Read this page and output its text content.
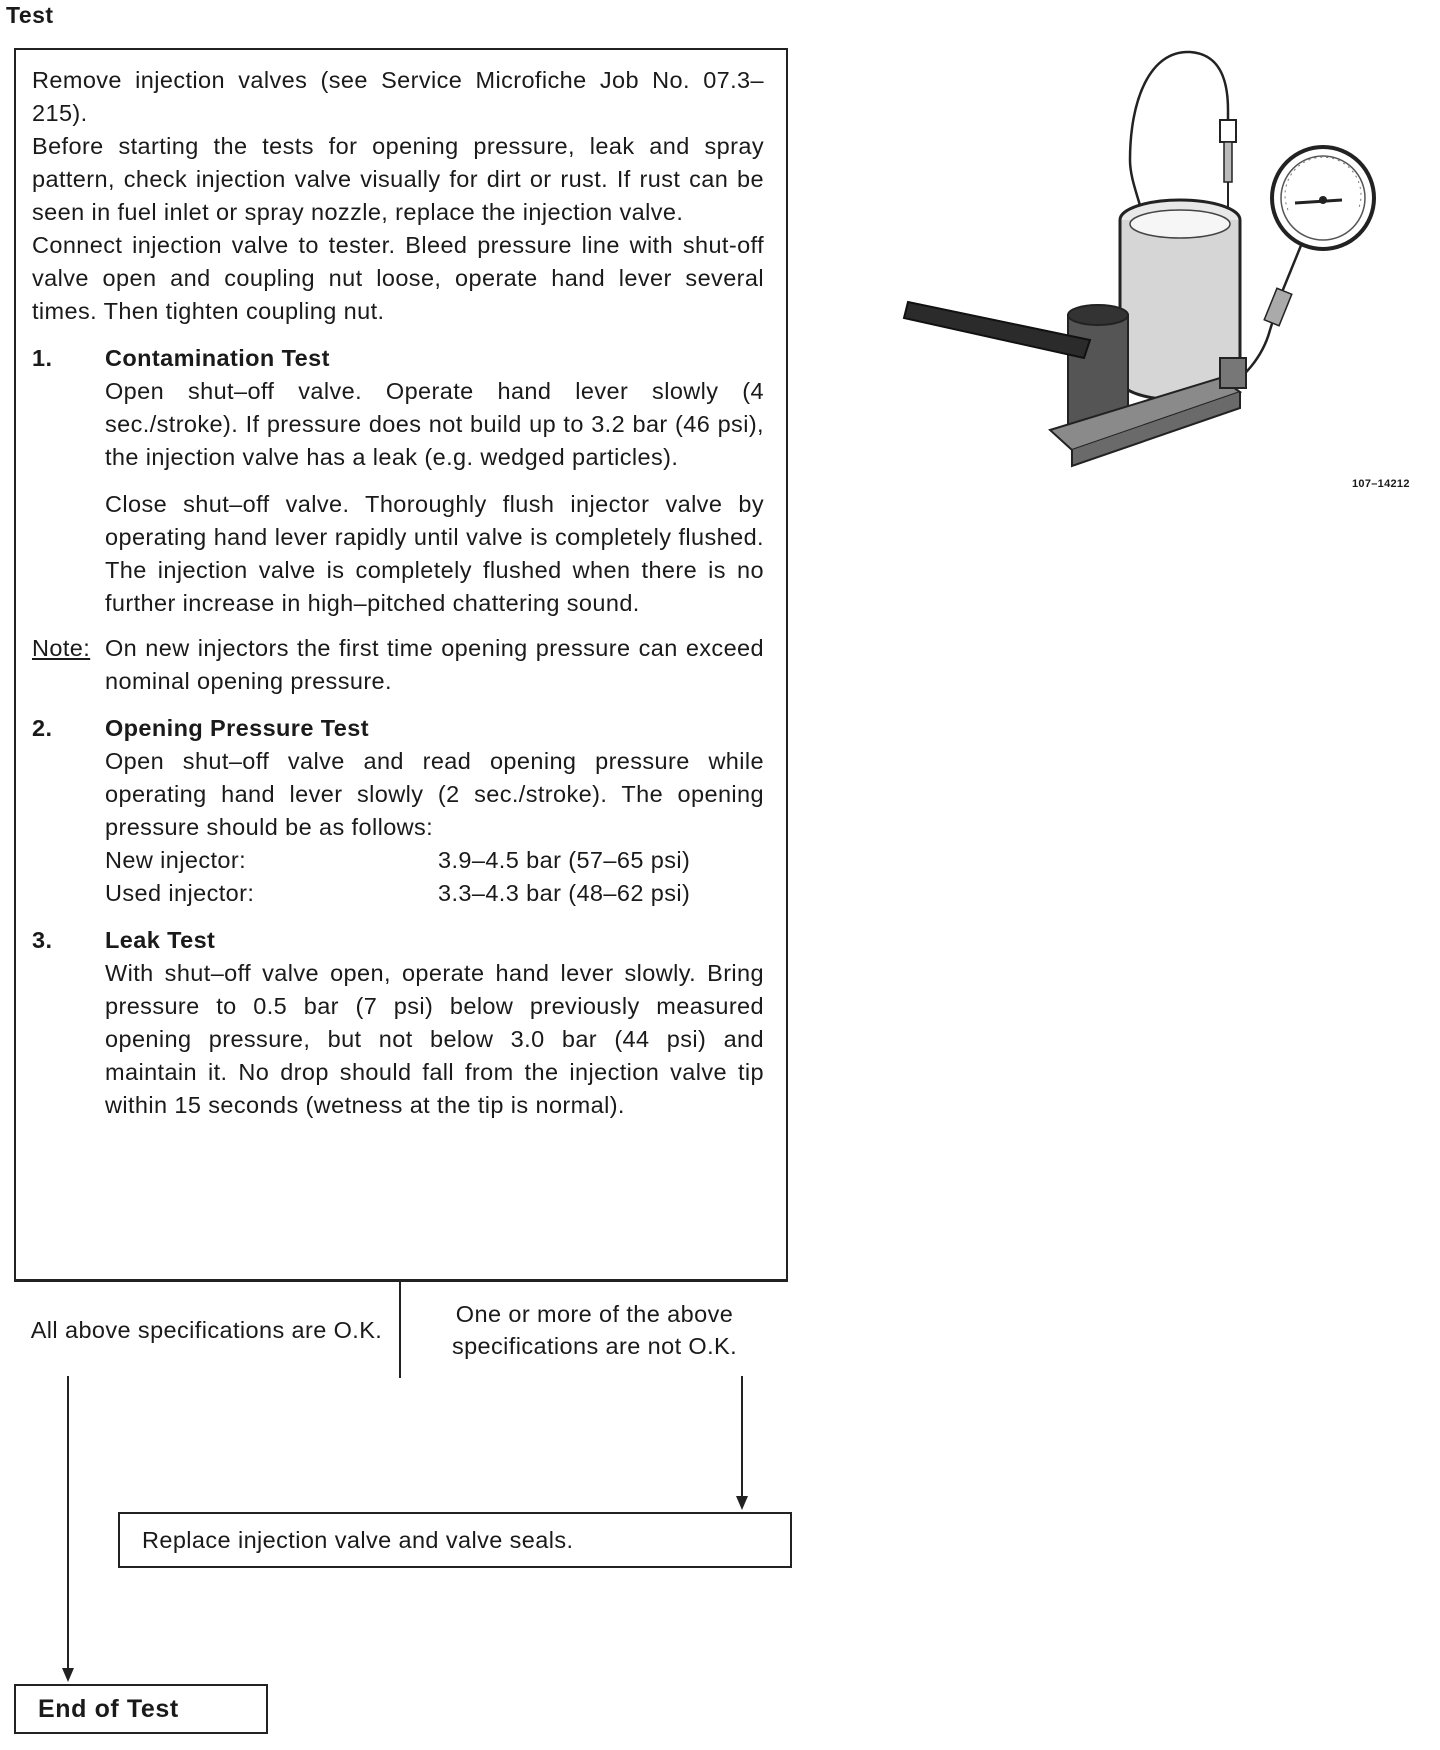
Test

Remove injection valves (see Service Microfiche Job No. 07.3–215).

Before starting the tests for opening pressure, leak and spray pattern, check injection valve visually for dirt or rust. If rust can be seen in fuel inlet or spray nozzle, replace the injection valve.

Connect injection valve to tester. Bleed pressure line with shut-off valve open and coupling nut loose, operate hand lever several times. Then tighten coupling nut.

1.	Contamination Test

Open shut–off valve. Operate hand lever slowly (4 sec./stroke). If pressure does not build up to 3.2 bar (46 psi), the injection valve has a leak (e.g. wedged particles).

Close shut–off valve. Thoroughly flush injector valve by operating hand lever rapidly until valve is completely flushed. The injection valve is completely flushed when there is no further increase in high–pitched chattering sound.

Note: On new injectors the first time opening pressure can exceed nominal opening pressure.
2.	Opening Pressure Test

Open shut–off valve and read opening pressure while operating hand lever slowly (2 sec./stroke). The opening pressure should be as follows:

New injector:	3.9–4.5 bar (57–65 psi)
Used injector:	3.3–4.3 bar (48–62 psi)
3.	Leak Test

With shut–off valve open, operate hand lever slowly. Bring pressure to 0.5 bar (7 psi) below previously measured opening pressure, but not below 3.0 bar (44 psi) and maintain it. No drop should fall from the injection valve tip within 15 seconds (wetness at the tip is normal).

All above specifications are O.K.
One or more of the above specifications are not O.K.
Replace injection valve and valve seals.
End of Test
107–14212
